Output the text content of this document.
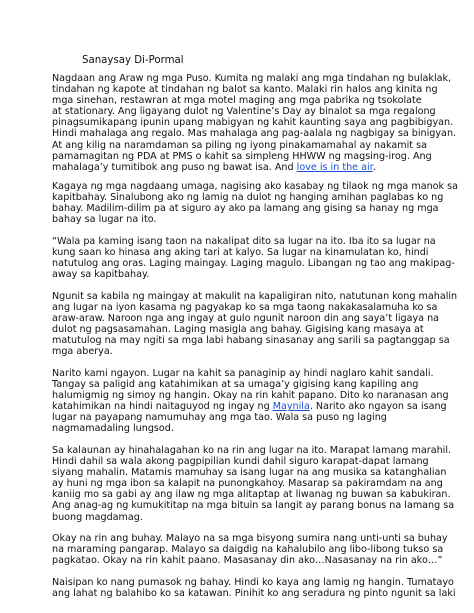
Sanaysay Di-Pormal
Nagdaan ang Araw ng mga Puso. Kumita ng malaki ang mga tindahan ng bulaklak,
tindahan ng kapote at tindahan ng balot sa kanto. Malaki rin halos ang kinita ng
mga sinehan, restawran at mga motel maging ang mga pabrika ng tsokolate
at stationary. Ang ligayang dulot ng Valentine’s Day ay binalot sa mga regalong
pinagsumikapang ipunin upang mabigyan ng kahit kaunting saya ang pagbibigyan.
Hindi mahalaga ang regalo. Mas mahalaga ang pag-aalala ng nagbigay sa binigyan.
At ang kilig na naramdaman sa piling ng iyong pinakamamahal ay nakamit sa
pamamagitan ng PDA at PMS o kahit sa simpleng HHWW ng magsing-irog. Ang
mahalaga’y tumitibok ang puso ng bawat isa. And love is in the air.
Kagaya ng mga nagdaang umaga, nagising ako kasabay ng tilaok ng mga manok sa
kapitbahay. Sinalubong ako ng lamig na dulot ng hanging amihan paglabas ko ng
bahay. Madilim-dilim pa at siguro ay ako pa lamang ang gising sa hanay ng mga
bahay sa lugar na ito.
“Wala pa kaming isang taon na nakalipat dito sa lugar na ito. Iba ito sa lugar na
kung saan ko hinasa ang aking tari at kalyo. Sa lugar na kinamulatan ko, hindi
natutulog ang oras. Laging maingay. Laging magulo. Libangan ng tao ang makipag-
away sa kapitbahay.
Ngunit sa kabila ng maingay at makulit na kapaligiran nito, natutunan kong mahalin
ang lugar na iyon kasama ng pagyakap ko sa mga taong nakakasalamuha ko sa
araw-araw. Naroon nga ang ingay at gulo ngunit naroon din ang saya’t ligaya na
dulot ng pagsasamahan. Laging masigla ang bahay. Gigising kang masaya at
matutulog na may ngiti sa mga labi habang sinasanay ang sarili sa pagtanggap sa
mga aberya.
Narito kami ngayon. Lugar na kahit sa panaginip ay hindi naglaro kahit sandali.
Tangay sa paligid ang katahimikan at sa umaga’y gigising kang kapiling ang
halumigmig ng simoy ng hangin. Okay na rin kahit papano. Dito ko naranasan ang
katahimikan na hindi naitaguyod ng ingay ng Maynila. Narito ako ngayon sa isang
lugar na payapang namumuhay ang mga tao. Wala sa puso ng laging
nagmamadaling lungsod.
Sa kalaunan ay hinahalagahan ko na rin ang lugar na ito. Marapat lamang marahil.
Hindi dahil sa wala akong pagpipilian kundi dahil siguro karapat-dapat lamang
siyang mahalin. Matamis mamuhay sa isang lugar na ang musika sa katanghalian
ay huni ng mga ibon sa kalapit na punongkahoy. Masarap sa pakiramdam na ang
kaniig mo sa gabi ay ang ilaw ng mga alitaptap at liwanag ng buwan sa kabukiran.
Ang anag-ag ng kumukititap na mga bituin sa langit ay parang bonus na lamang sa
buong magdamag.
Okay na rin ang buhay. Malayo na sa mga bisyong sumira nang unti-unti sa buhay
na maraming pangarap. Malayo sa daigdig na kahalubilo ang libo-libong tukso sa
pagkatao. Okay na rin kahit paano. Masasanay din ako…Nasasanay na rin ako…”
Naisipan ko nang pumasok ng bahay. Hindi ko kaya ang lamig ng hangin. Tumatayo
ang lahat ng balahibo ko sa katawan. Pinihit ko ang seradura ng pinto ngunit sa laki
